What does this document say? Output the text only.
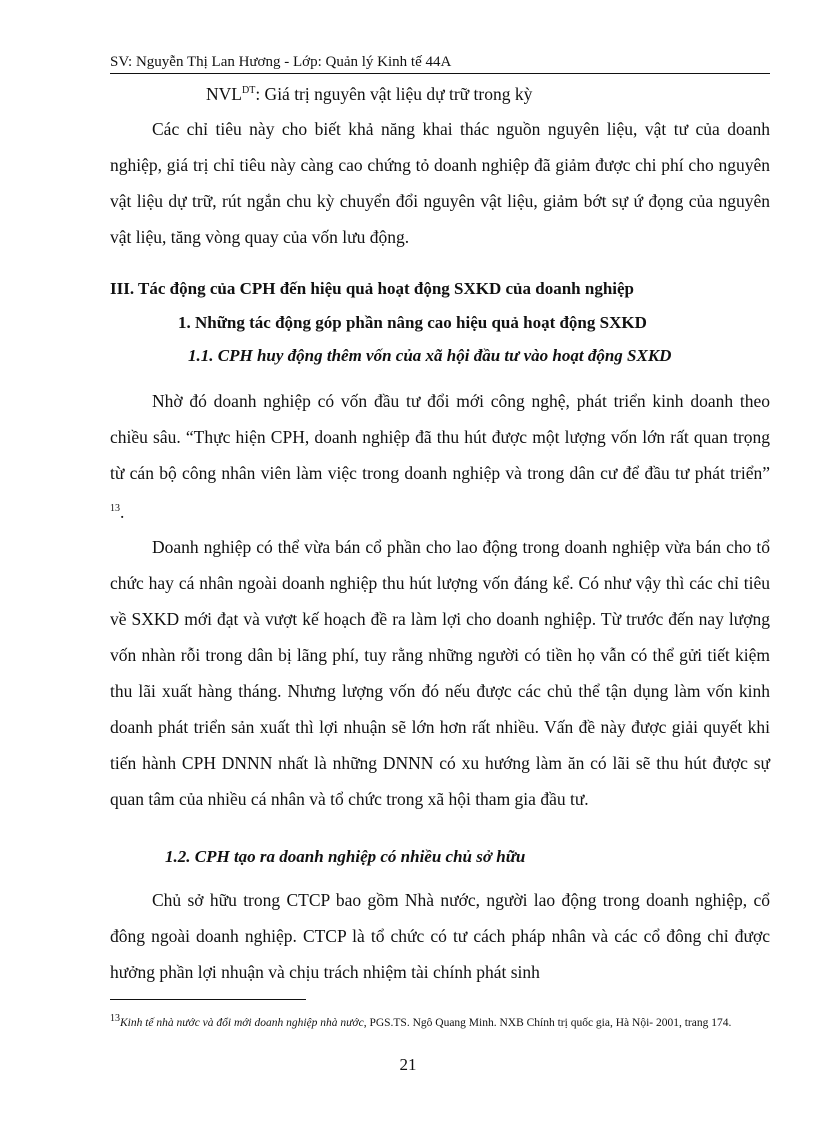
SV: Nguyễn Thị Lan Hương - Lớp: Quản lý Kinh tế 44A
$NVL^{DT}$: Giá trị nguyên vật liệu dự trữ trong kỳ

Các chỉ tiêu này cho biết khả năng khai thác nguồn nguyên liệu, vật tư của doanh nghiệp, giá trị chỉ tiêu này càng cao chứng tỏ doanh nghiệp đã giảm được chi phí cho nguyên vật liệu dự trữ, rút ngắn chu kỳ chuyển đổi nguyên vật liệu, giảm bớt sự ứ đọng của nguyên vật liệu, tăng vòng quay của vốn lưu động.

III. Tác động của CPH đến hiệu quả hoạt động SXKD của doanh nghiệp
1. Những tác động góp phần nâng cao hiệu quả hoạt động SXKD
1.1. CPH huy động thêm vốn của xã hội đầu tư vào hoạt động SXKD

Nhờ đó doanh nghiệp có vốn đầu tư đổi mới công nghệ, phát triển kinh doanh theo chiều sâu. “Thực hiện CPH, doanh nghiệp đã thu hút được một lượng vốn lớn rất quan trọng từ cán bộ công nhân viên làm việc trong doanh nghiệp và trong dân cư để đầu tư phát triển” $^{13}$.

Doanh nghiệp có thể vừa bán cổ phần cho lao động trong doanh nghiệp vừa bán cho tổ chức hay cá nhân ngoài doanh nghiệp thu hút lượng vốn đáng kể. Có như vậy thì các chỉ tiêu về SXKD mới đạt và vượt kế hoạch đề ra làm lợi cho doanh nghiệp. Từ trước đến nay lượng vốn nhàn rỗi trong dân bị lãng phí, tuy rằng những người có tiền họ vẫn có thể gửi tiết kiệm thu lãi xuất hàng tháng. Nhưng lượng vốn đó nếu được các chủ thể tận dụng làm vốn kinh doanh phát triển sản xuất thì lợi nhuận sẽ lớn hơn rất nhiều. Vấn đề này được giải quyết khi tiến hành CPH DNNN nhất là những DNNN có xu hướng làm ăn có lãi sẽ thu hút được sự quan tâm của nhiều cá nhân và tổ chức trong xã hội tham gia đầu tư.

1.2. CPH tạo ra doanh nghiệp có nhiều chủ sở hữu

Chủ sở hữu trong CTCP bao gồm Nhà nước, người lao động trong doanh nghiệp, cổ đông ngoài doanh nghiệp. CTCP là tổ chức có tư cách pháp nhân và các cổ đông chỉ được hưởng phần lợi nhuận và chịu trách nhiệm tài chính phát sinh

$^{13}$Kinh tế nhà nước và đổi mới doanh nghiệp nhà nước, PGS.TS. Ngô Quang Minh. NXB Chính trị quốc gia, Hà Nội- 2001, trang 174.
21
